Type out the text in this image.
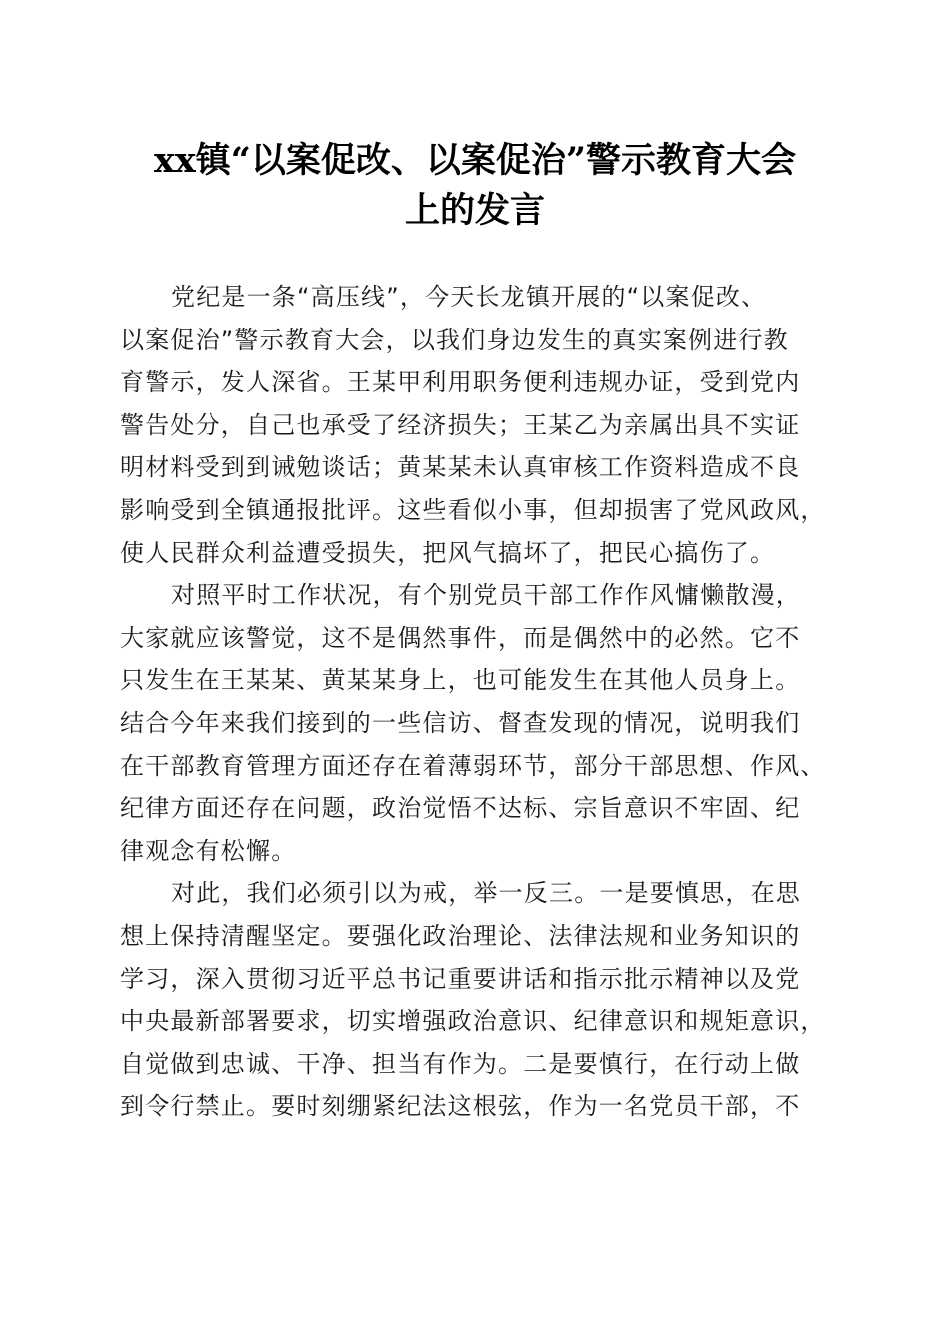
xx镇“以案促改、以案促治”警示教育大会
上的发言
党纪是一条“高压线”，今天长龙镇开展的“以案促改、
以案促治”警示教育大会，以我们身边发生的真实案例进行教
育警示，发人深省。王某甲利用职务便利违规办证，受到党内
警告处分，自己也承受了经济损失；王某乙为亲属出具不实证
明材料受到到诫勉谈话；黄某某未认真审核工作资料造成不良
影响受到全镇通报批评。这些看似小事，但却损害了党风政风，
使人民群众利益遭受损失，把风气搞坏了，把民心搞伤了。
对照平时工作状况，有个别党员干部工作作风慵懒散漫，
大家就应该警觉，这不是偶然事件，而是偶然中的必然。它不
只发生在王某某、黄某某身上，也可能发生在其他人员身上。
结合今年来我们接到的一些信访、督查发现的情况，说明我们
在干部教育管理方面还存在着薄弱环节，部分干部思想、作风、
纪律方面还存在问题，政治觉悟不达标、宗旨意识不牢固、纪
律观念有松懈。
对此，我们必须引以为戒，举一反三。一是要慎思，在思
想上保持清醒坚定。要强化政治理论、法律法规和业务知识的
学习，深入贯彻习近平总书记重要讲话和指示批示精神以及党
中央最新部署要求，切实增强政治意识、纪律意识和规矩意识，
自觉做到忠诚、干净、担当有作为。二是要慎行，在行动上做
到令行禁止。要时刻绷紧纪法这根弦，作为一名党员干部，不
